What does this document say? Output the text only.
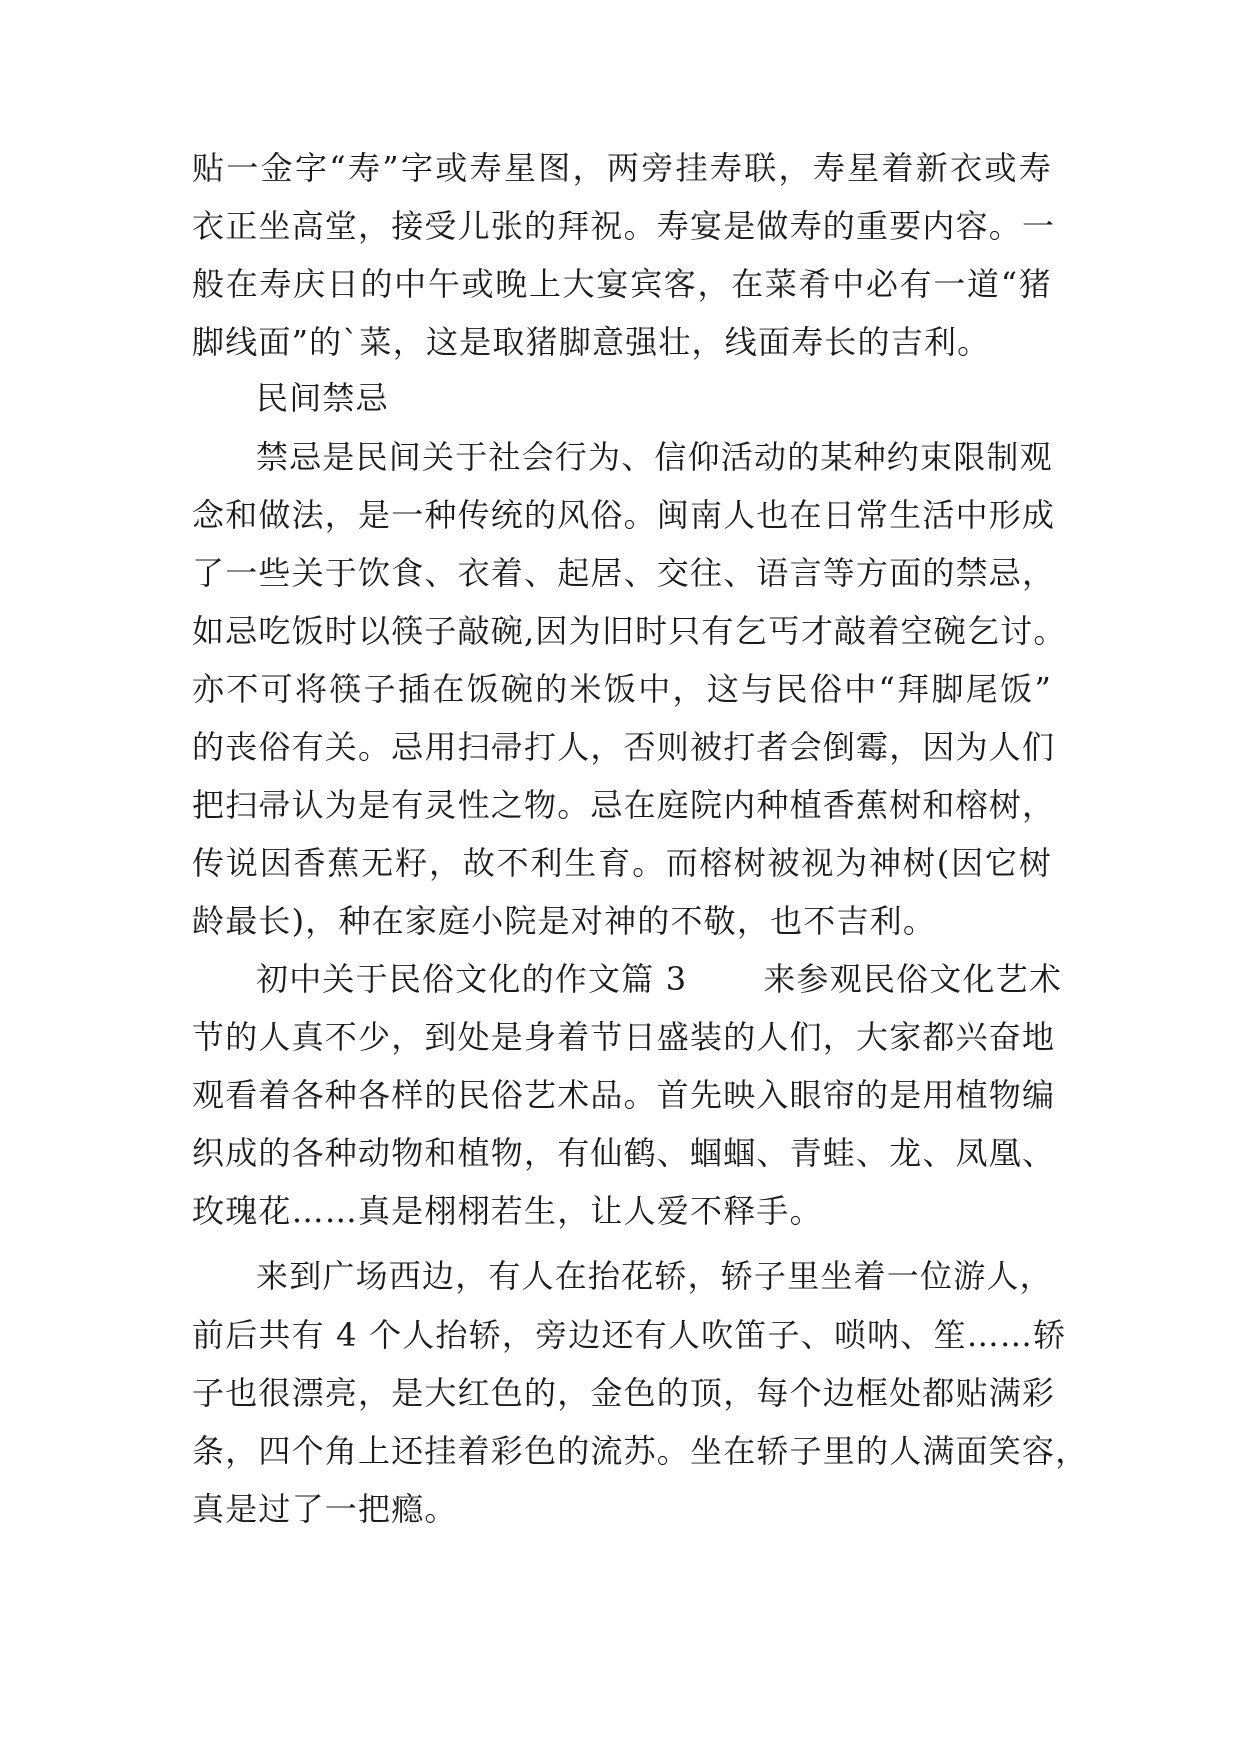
贴一金字“寿”字或寿星图，两旁挂寿联，寿星着新衣或寿

衣正坐高堂，接受儿张的拜祝。寿宴是做寿的重要内容。一

般在寿庆日的中午或晚上大宴宾客，在菜肴中必有一道“猪

脚线面”的`菜，这是取猪脚意强壮，线面寿长的吉利。

民间禁忌

禁忌是民间关于社会行为、信仰活动的某种约束限制观

念和做法，是一种传统的风俗。闽南人也在日常生活中形成

了一些关于饮食、衣着、起居、交往、语言等方面的禁忌，

如忌吃饭时以筷子敲碗,因为旧时只有乞丐才敲着空碗乞讨。

亦不可将筷子插在饭碗的米饭中，这与民俗中“拜脚尾饭”

的丧俗有关。忌用扫帚打人，否则被打者会倒霉，因为人们

把扫帚认为是有灵性之物。忌在庭院内种植香蕉树和榕树，

传说因香蕉无籽，故不利生育。而榕树被视为神树(因它树

龄最长)，种在家庭小院是对神的不敬，也不吉利。

初中关于民俗文化的作文篇 3 来参观民俗文化艺术

节的人真不少，到处是身着节日盛装的人们，大家都兴奋地

观看着各种各样的民俗艺术品。首先映入眼帘的是用植物编

织成的各种动物和植物，有仙鹤、蝈蝈、青蛙、龙、凤凰、

玫瑰花……真是栩栩若生，让人爱不释手。

来到广场西边，有人在抬花轿，轿子里坐着一位游人，

前后共有 4 个人抬轿，旁边还有人吹笛子、唢呐、笙……轿

子也很漂亮，是大红色的，金色的顶，每个边框处都贴满彩

条，四个角上还挂着彩色的流苏。坐在轿子里的人满面笑容，

真是过了一把瘾。
